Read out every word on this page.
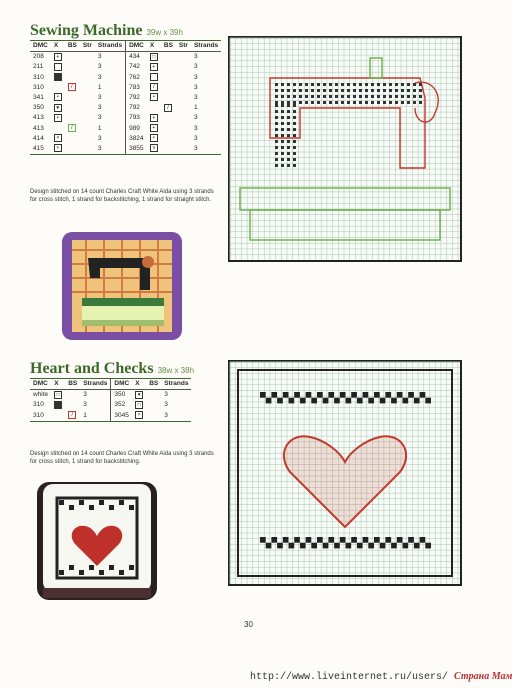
Sewing Machine 39w x 39h
DMC	X	BS	Str	Strands	DMC	X	BS	Str	Strands
208	+			3	434	□			3
211				3	742	+			3
310				3	762				3
310		/		1	783	/			3
341	•			3	792	•			3
350	♥			3	792		/		1
413	•			3	793	+			3
413		/		1	989	+			3
414	×			3	3824	•			3
415	•			3	3855	v			3
Design stitched on 14 count Charles Craft White Aida using 3 strands for cross stitch, 1 strand for backstitching, 1 strand for straight stitch.
Heart and Checks 38w x 38h
DMC	X	BS	Strands	DMC	X	BS	Strands
white	□		3	350	♥		3
310			3	352	□		3
310		/	1	3045	×		3
Design stitched on 14 count Charles Craft White Aida using 3 strands for cross stitch, 1 strand for backstitching.
30
http://www.liveinternet.ru/users/ Страна Мам
